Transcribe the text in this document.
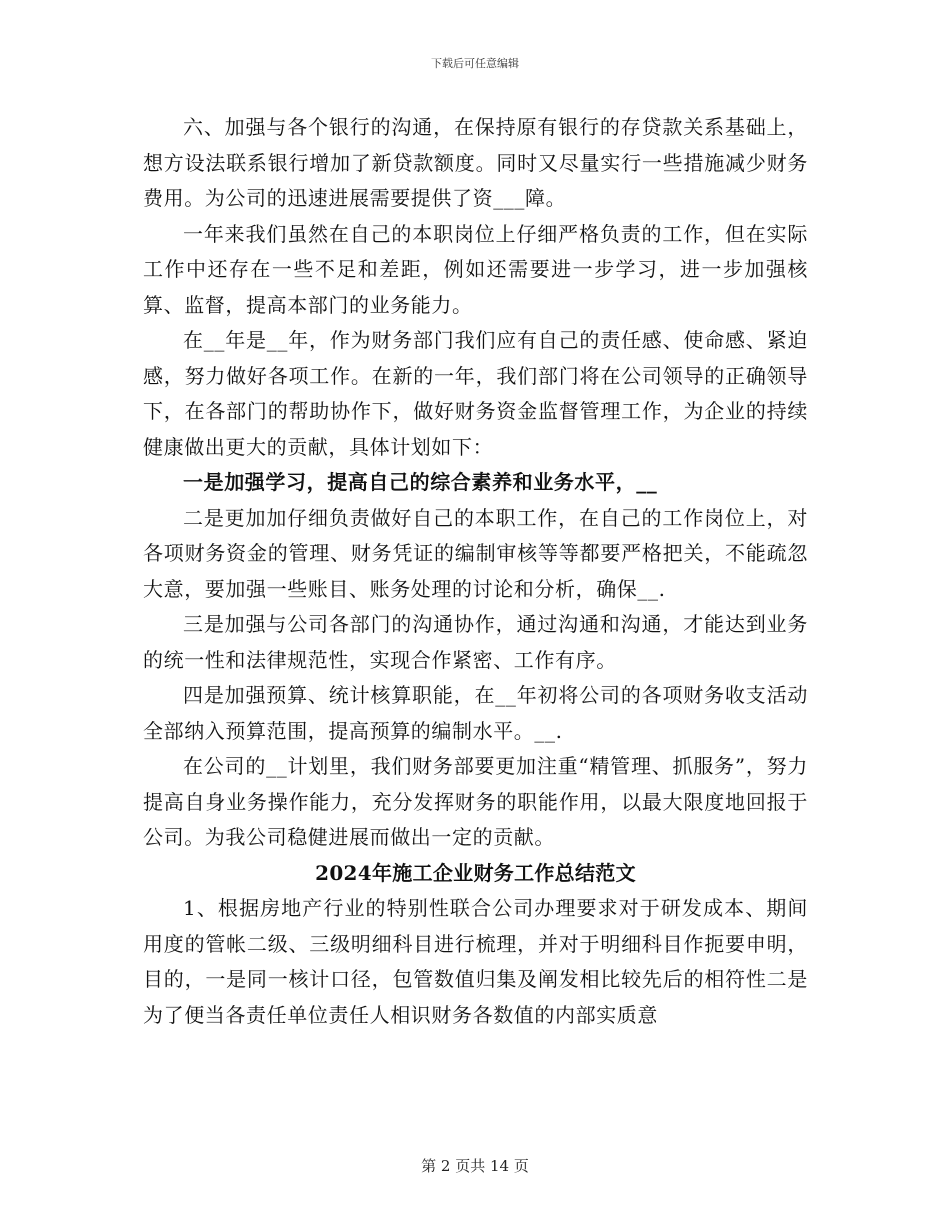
下载后可任意编辑

六、加强与各个银行的沟通，在保持原有银行的存贷款关系基础上，想方设法联系银行增加了新贷款额度。同时又尽量实行一些措施减少财务费用。为公司的迅速进展需要提供了资___障。

一年来我们虽然在自己的本职岗位上仔细严格负责的工作，但在实际工作中还存在一些不足和差距，例如还需要进一步学习，进一步加强核算、监督，提高本部门的业务能力。

在__年是__年，作为财务部门我们应有自己的责任感、使命感、紧迫感，努力做好各项工作。在新的一年，我们部门将在公司领导的正确领导下，在各部门的帮助协作下，做好财务资金监督管理工作，为企业的持续健康做出更大的贡献，具体计划如下：

一是加强学习，提高自己的综合素养和业务水平，__

二是更加加仔细负责做好自己的本职工作，在自己的工作岗位上，对各项财务资金的管理、财务凭证的编制审核等等都要严格把关，不能疏忽大意，要加强一些账目、账务处理的讨论和分析，确保__.

三是加强与公司各部门的沟通协作，通过沟通和沟通，才能达到业务的统一性和法律规范性，实现合作紧密、工作有序。

四是加强预算、统计核算职能，在__年初将公司的各项财务收支活动全部纳入预算范围，提高预算的编制水平。__.

在公司的__计划里，我们财务部要更加注重“精管理、抓服务”，努力提高自身业务操作能力，充分发挥财务的职能作用，以最大限度地回报于公司。为我公司稳健进展而做出一定的贡献。

2024年施工企业财务工作总结范文

1、根据房地产行业的特别性联合公司办理要求对于研发成本、期间用度的管帐二级、三级明细科目进行梳理，并对于明细科目作扼要申明，目的，一是同一核计口径，包管数值归集及阐发相比较先后的相符性二是为了便当各责任单位责任人相识财务各数值的内部实质意

第 2 页共 14 页
